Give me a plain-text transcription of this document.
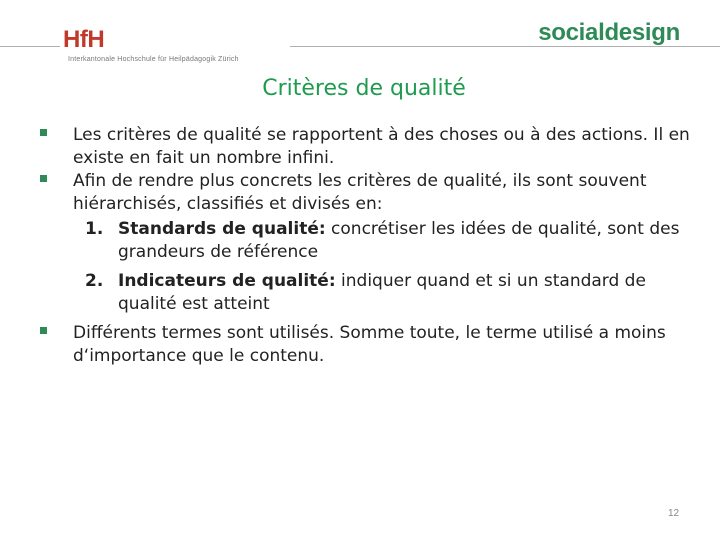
HfH
Interkantonale Hochschule für Heilpädagogik Zürich
socialdesign
Critères de qualité

Les critères de qualité se rapportent à des choses ou à des actions. Il en existe en fait un nombre infini.

Afin de rendre plus concrets les critères de qualité, ils sont souvent hiérarchisés, classifiés et divisés en:

1. Standards de qualité: concrétiser les idées de qualité, sont des grandeurs de référence

2. Indicateurs de qualité: indiquer quand et si un standard de qualité est atteint

Différents termes sont utilisés. Somme toute, le terme utilisé a moins d‘importance que le contenu.

12
